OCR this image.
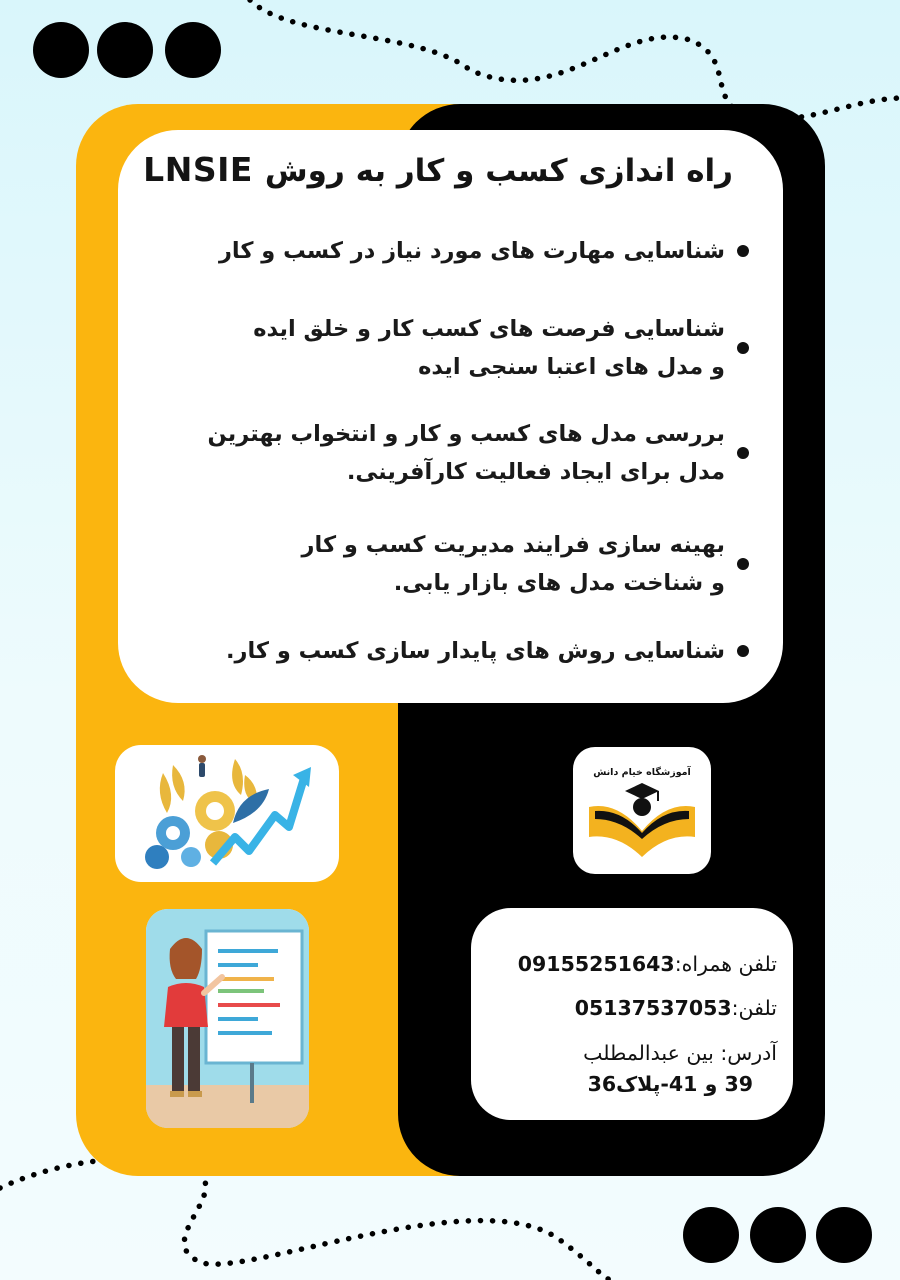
راه اندازی کسب و کار به روشLNSIE
شناسایی مهارت های مورد نیاز در کسب و کار
شناسایی فرصت های کسب کار و خلق ایده
و مدل های اعتبا سنجی ایده
بررسی مدل های کسب و کار و انتخواب بهترین
مدل برای ایجاد فعالیت کارآفرینی.
بهینه سازی فرایند مدیریت کسب و کار
و شناخت مدل های بازار یابی.
شناسایی روش های پایدار سازی کسب و کار.
آموزشگاه خیام دانش
تلفن همراه:09155251643
تلفن:05137537053
آدرس: بین عبدالمطلب
39 و 41-پلاک36
